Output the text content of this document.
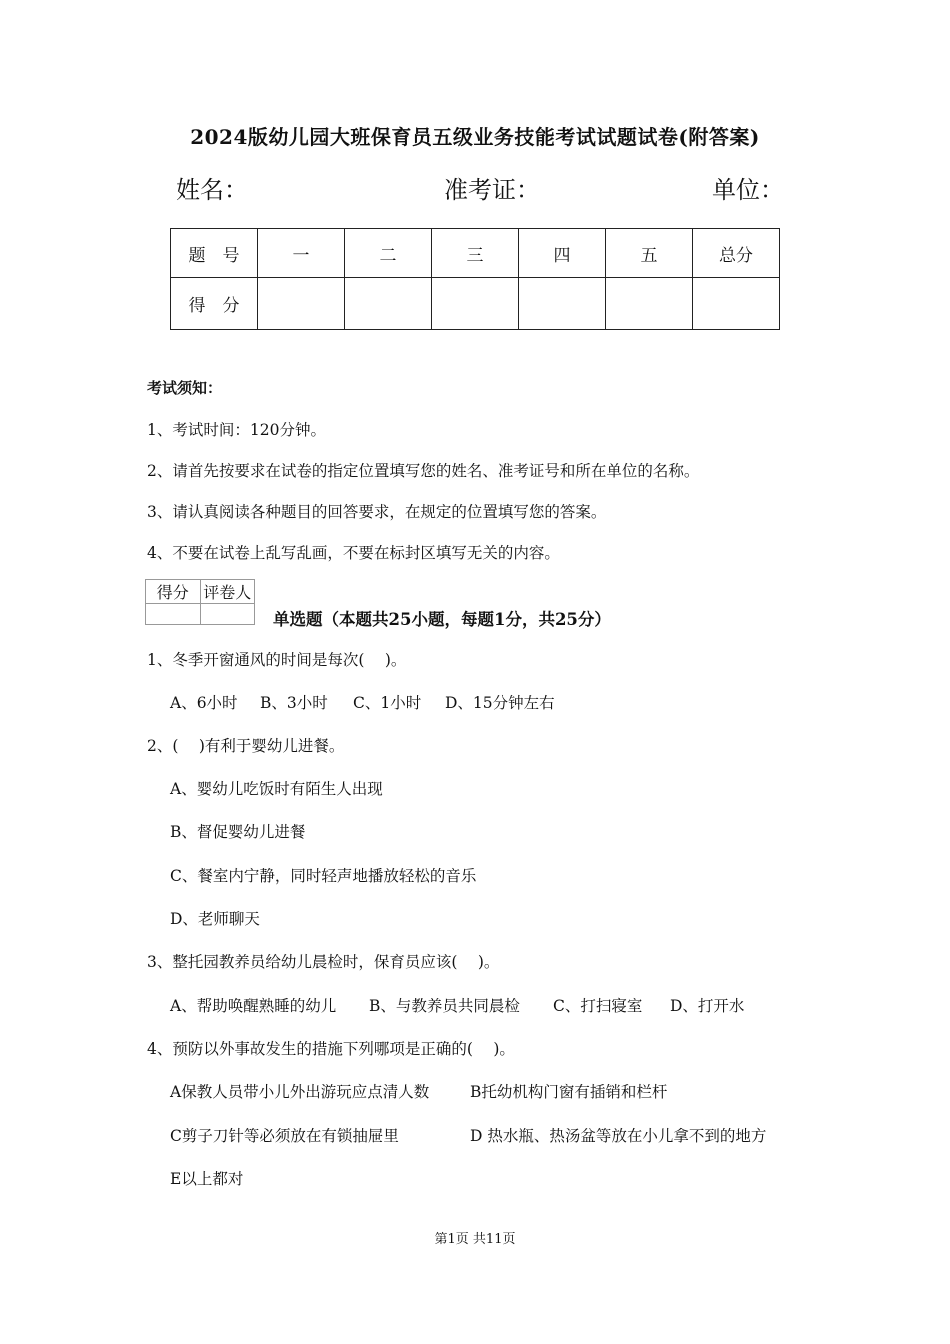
2024版幼儿园大班保育员五级业务技能考试试题试卷(附答案)
姓名：	准考证：	单位：
题　号	一	二	三	四	五	总分
得　分						
考试须知：
1、考试时间：120分钟。
2、请首先按要求在试卷的指定位置填写您的姓名、准考证号和所在单位的名称。
3、请认真阅读各种题目的回答要求，在规定的位置填写您的答案。
4、不要在试卷上乱写乱画，不要在标封区填写无关的内容。
得分	评卷人

单选题（本题共25小题，每题1分，共25分）
1、冬季开窗通风的时间是每次(　 )。
A、6小时 B、3小时 C、1小时 D、15分钟左右
2、(　 )有利于婴幼儿进餐。
A、婴幼儿吃饭时有陌生人出现
B、督促婴幼儿进餐
C、餐室内宁静，同时轻声地播放轻松的音乐
D、老师聊天
3、整托园教养员给幼儿晨检时，保育员应该(　 )。
A、帮助唤醒熟睡的幼儿 B、与教养员共同晨检 C、打扫寝室 D、打开水
4、预防以外事故发生的措施下列哪项是正确的(　 )。
A保教人员带小儿外出游玩应点清人数	B托幼机构门窗有插销和栏杆
C剪子刀针等必须放在有锁抽屉里	D 热水瓶、热汤盆等放在小儿拿不到的地方
E以上都对
第1页 共11页
